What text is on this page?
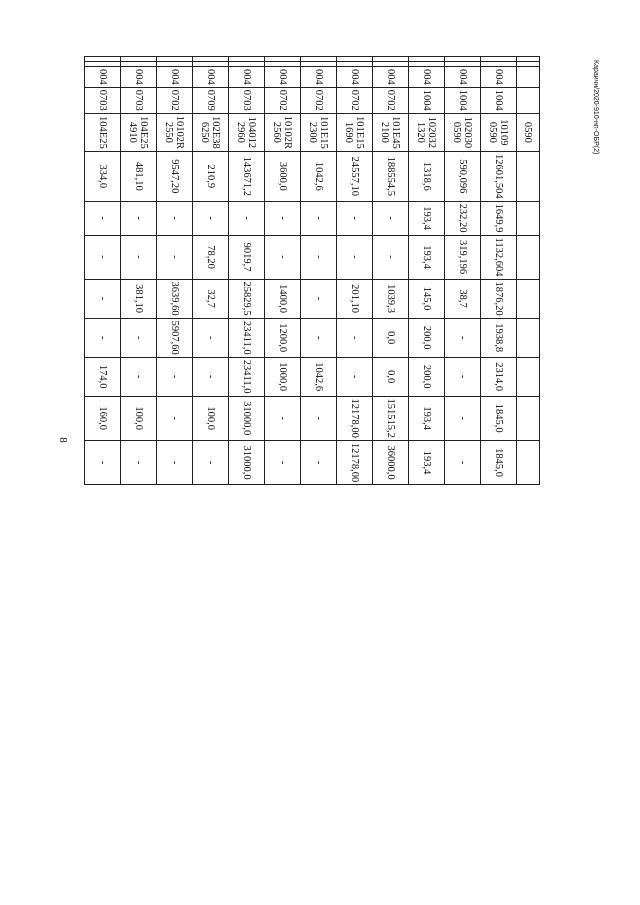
8
Караичн/2020-910-нп-ОБР(2)
				0590								
		004	1004	10109 0590	12601,504	1649,9	1132,604	1876,20	1938,8	2314,0	1845,0	1845,0
		004	1004	102030 0590	590,096	232,20	319,196	38,7	-	-	-	-
		004	1004	102032 1320	1318,6	193,4	193,4	145,0	200,0	200,0	193,4	193,4
		004	0702	101E45 2100	188554,5	-	-	1039,3	0,0	0,0	151515,2	36000,0
		004	0702	101E15 1690	24557,10	-	-	201,10	-	-	12178,00	12178,00
		004	0702	101E15 2300	1042,6	-	-	-	-	1042,6	-	-
		004	0702	10102R 2560	3600,0	-	-	1400,0	1200,0	1000,0	-	-
		004	0703	104012 2960	143671,2	-	9019,7	25829,5	23411,0	23411,0	31000,0	31000,0
		004	0709	102E38 6250	210,9	-	78,20	32,7	-	-	100,0	-
		004	0702	10102R 2550	9547,20	-	-	3639,60	5907,60	-	-	-
		004	0703	104E25 4910	481,10	-	-	381,10	-	-	100,0	-
		004	0703	104E25	334,0	-	-	-	-	174,0	160,0	-
